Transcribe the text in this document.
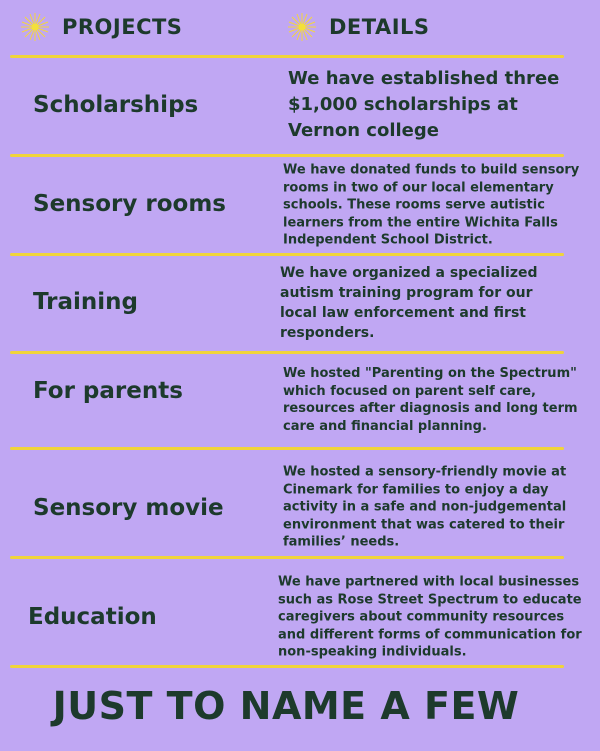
PROJECTS	DETAILS
Scholarships
We have established three
$1,000 scholarships at
Vernon college
Sensory rooms
We have donated funds to build sensory
rooms in two of our local elementary
schools. These rooms serve autistic
learners from the entire Wichita Falls
Independent School District.
Training
We have organized a specialized
autism training program for our
local law enforcement and first
responders.
For parents
We hosted "Parenting on the Spectrum"
which focused on parent self care,
resources after diagnosis and long term
care and financial planning.
Sensory movie
We hosted a sensory-friendly movie at
Cinemark for families to enjoy a day
activity in a safe and non-judgemental
environment that was catered to their
families’ needs.
Education
We have partnered with local businesses
such as Rose Street Spectrum to educate
caregivers about community resources
and different forms of communication for
non-speaking individuals.
JUST TO NAME A FEW
